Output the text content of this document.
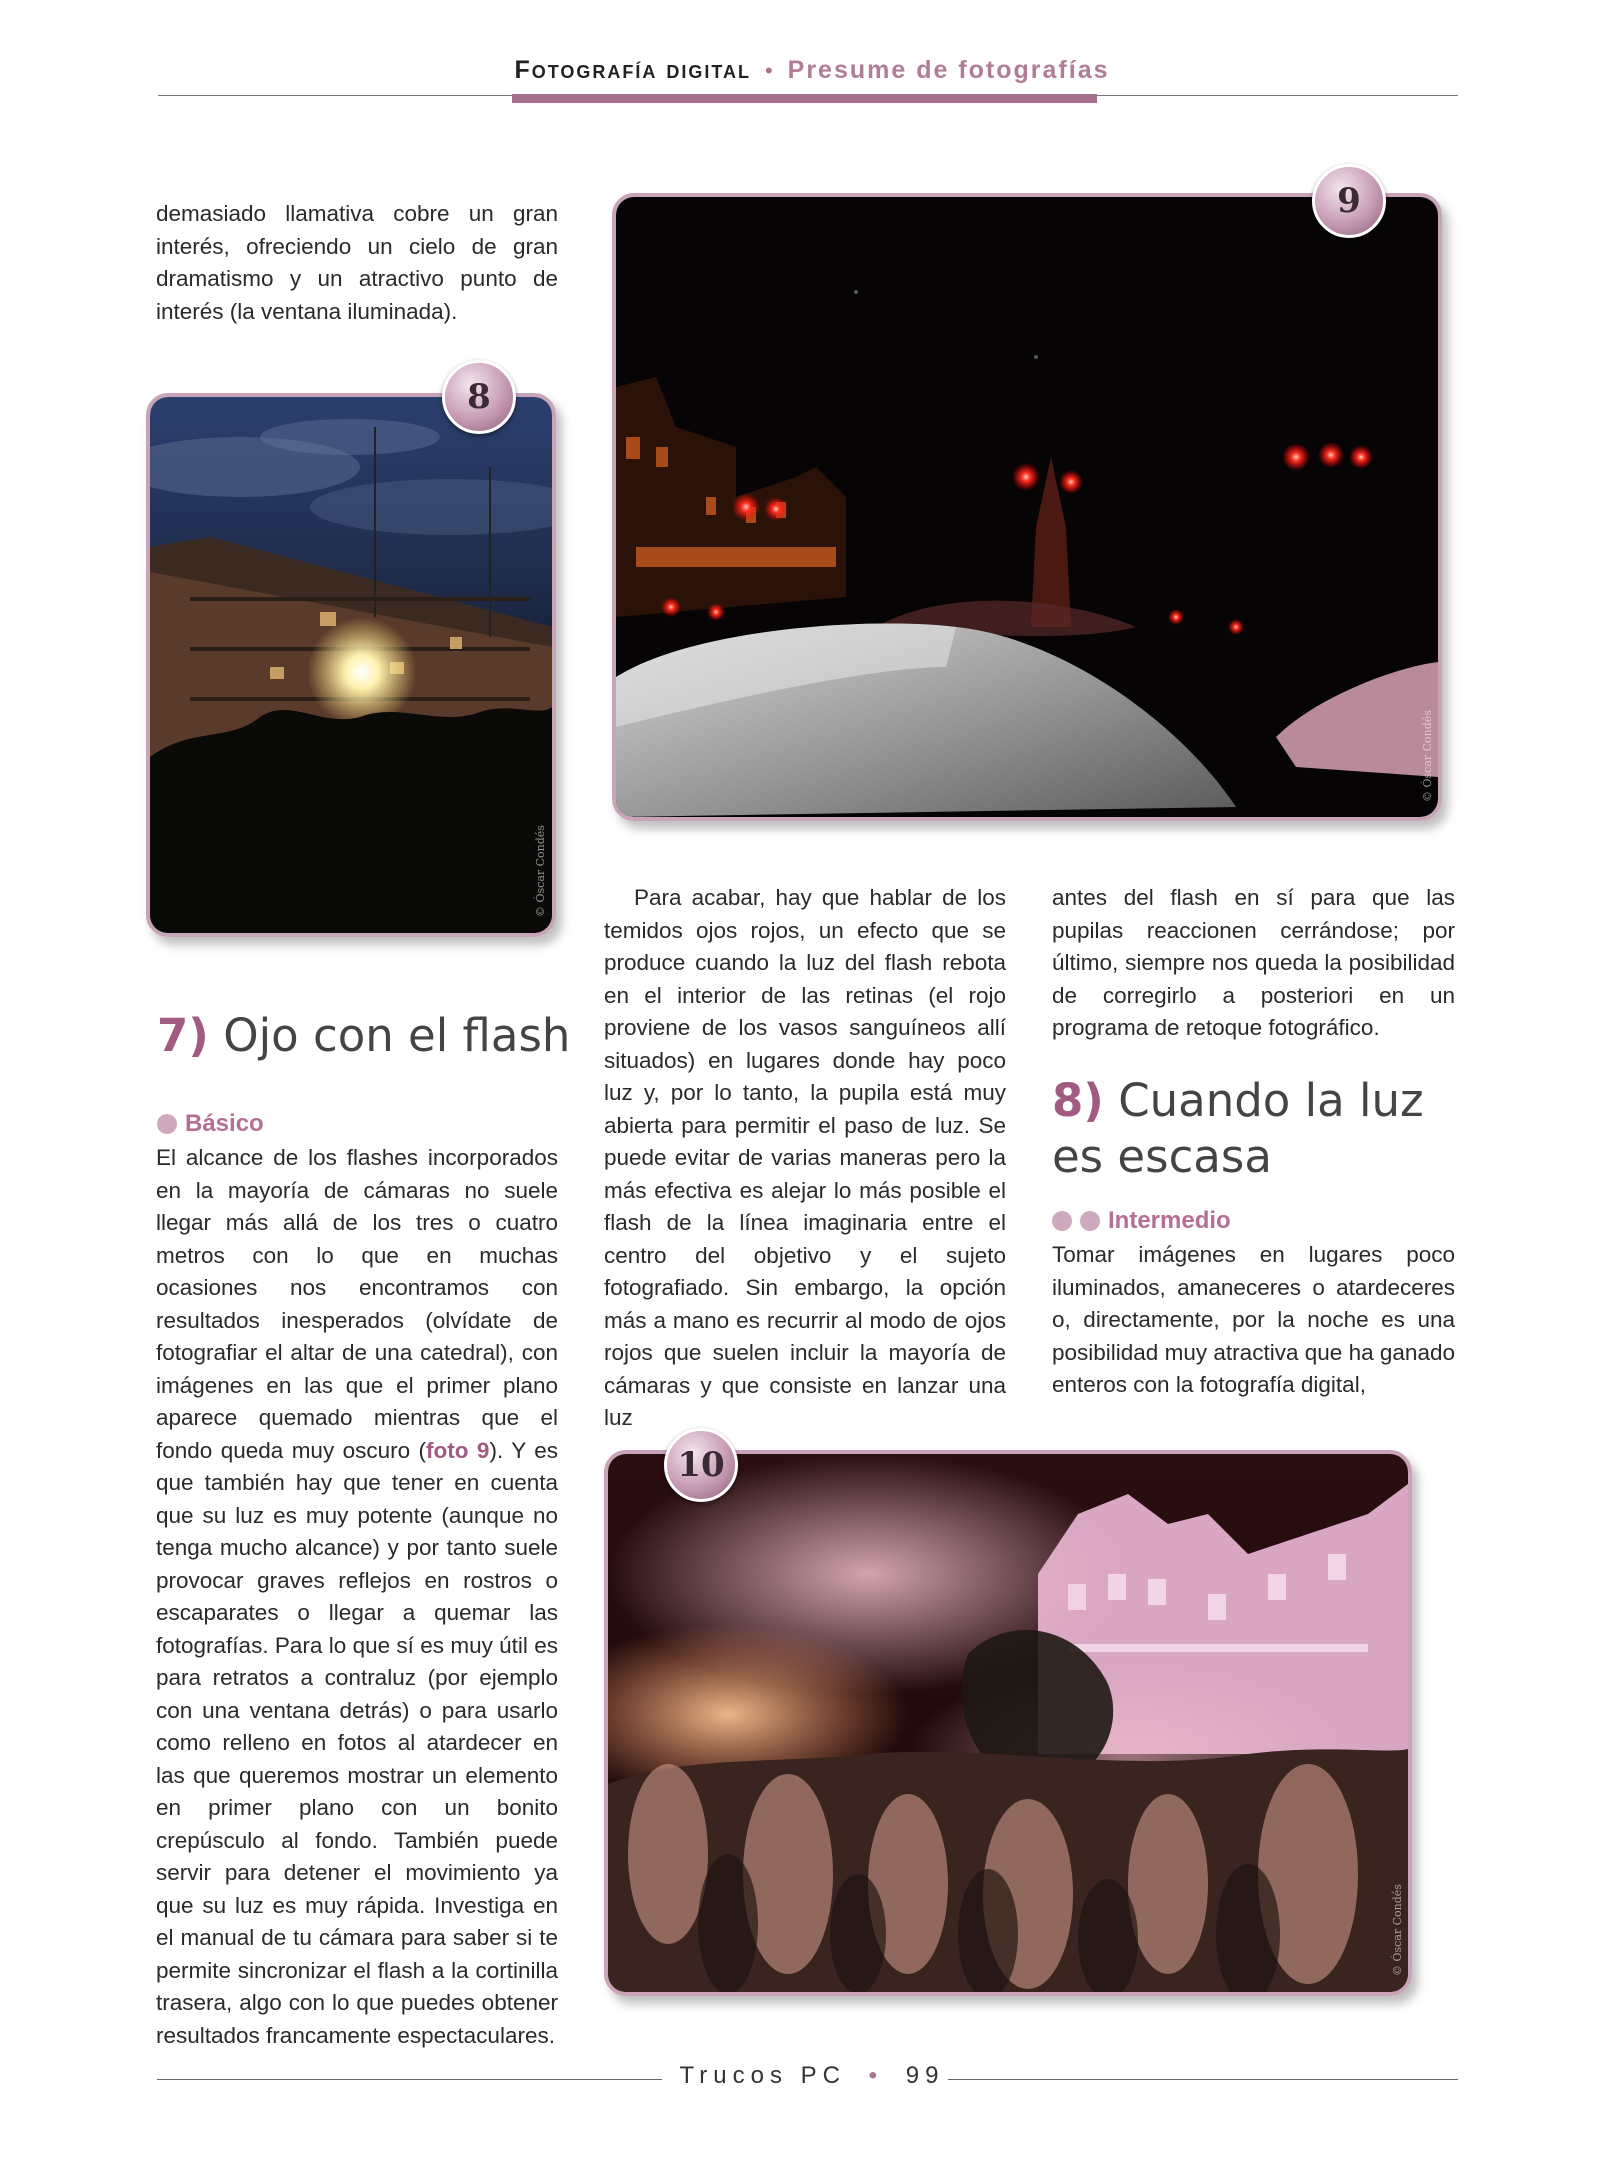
Fotografía digital • Presume de fotografías

demasiado llamativa cobre un gran interés, ofreciendo un cielo de gran dramatismo y un atractivo punto de interés (la ventana iluminada).

© Óscar Condés
8
© Óscar Condés
9
7) Ojo con el flash
Básico

El alcance de los flashes incorporados en la mayoría de cámaras no suele llegar más allá de los tres o cuatro metros con lo que en muchas ocasiones nos encontramos con resultados inesperados (olvídate de fotografiar el altar de una catedral), con imágenes en las que el primer plano aparece quemado mientras que el fondo queda muy oscuro (foto 9). Y es que también hay que tener en cuenta que su luz es muy potente (aunque no tenga mucho alcance) y por tanto suele provocar graves reflejos en rostros o escaparates o llegar a quemar las fotografías. Para lo que sí es muy útil es para retratos a contraluz (por ejemplo con una ventana detrás) o para usarlo como relleno en fotos al atardecer en las que queremos mostrar un elemento en primer plano con un bonito crepúsculo al fondo. También puede servir para detener el movimiento ya que su luz es muy rápida. Investiga en el manual de tu cámara para saber si te permite sincronizar el flash a la cortinilla trasera, algo con lo que puedes obtener resultados francamente espectaculares.

Para acabar, hay que hablar de los temidos ojos rojos, un efecto que se produce cuando la luz del flash rebota en el interior de las retinas (el rojo proviene de los vasos sanguíneos allí situados) en lugares donde hay poco luz y, por lo tanto, la pupila está muy abierta para permitir el paso de luz. Se puede evitar de varias maneras pero la más efectiva es alejar lo más posible el flash de la línea imaginaria entre el centro del objetivo y el sujeto fotografiado. Sin embargo, la opción más a mano es recurrir al modo de ojos rojos que suelen incluir la mayoría de cámaras y que consiste en lanzar una luz

antes del flash en sí para que las pupilas reaccionen cerrándose; por último, siempre nos queda la posibilidad de corregirlo a posteriori en un programa de retoque fotográfico.

8) Cuando la luz
es escasa
Intermedio

Tomar imágenes en lugares poco iluminados, amaneceres o atardeceres o, directamente, por la noche es una posibilidad muy atractiva que ha ganado enteros con la fotografía digital,

© Óscar Condés
10
Trucos PC • 99
